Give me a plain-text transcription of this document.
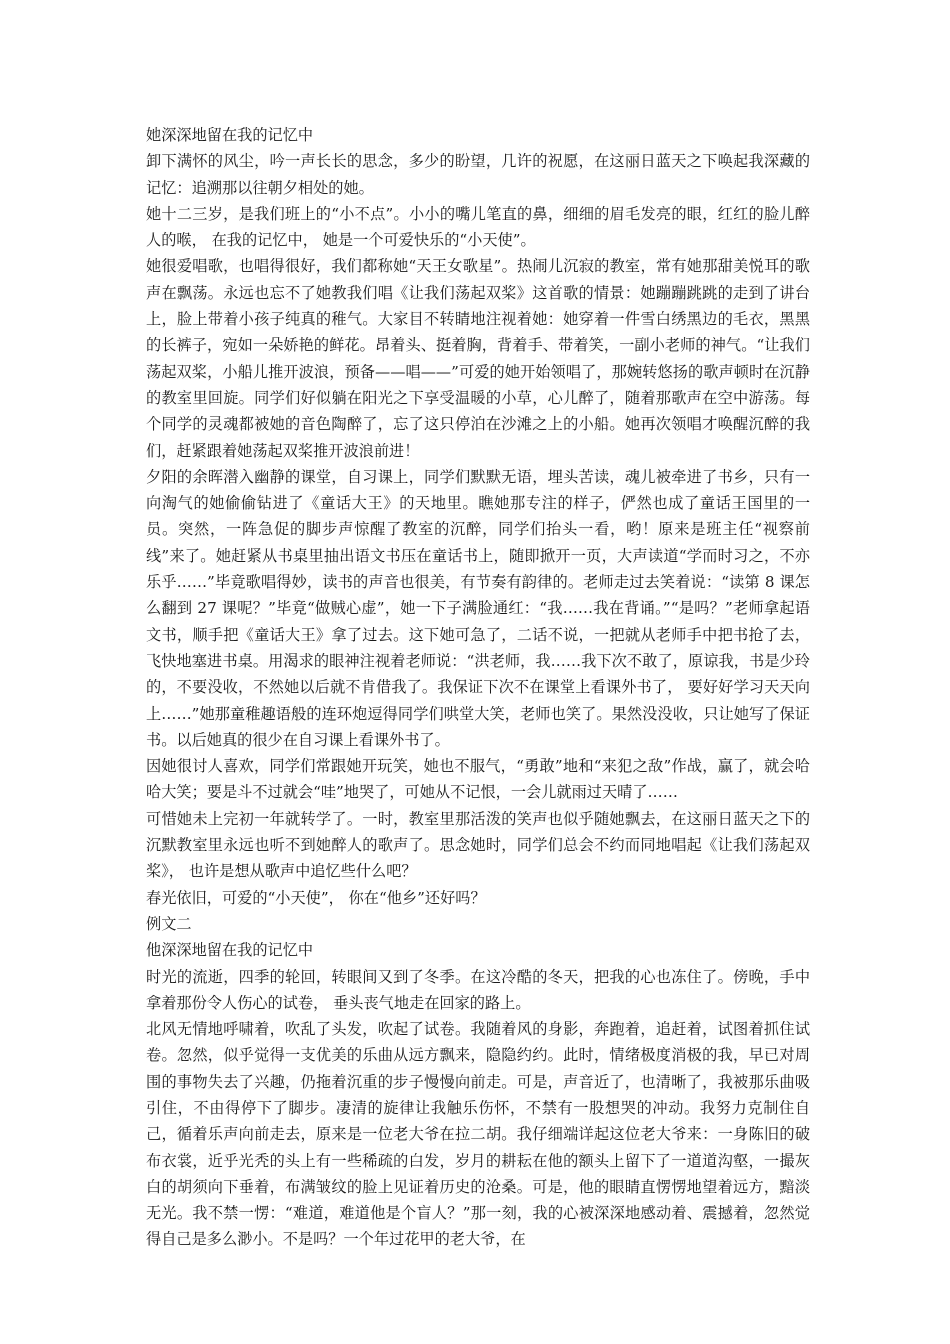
她深深地留在我的记忆中

卸下满怀的风尘，吟一声长长的思念，多少的盼望，几许的祝愿，在这丽日蓝天之下唤起我深藏的记忆：追溯那以往朝夕相处的她。

她十二三岁，是我们班上的“小不点”。小小的嘴儿笔直的鼻，细细的眉毛发亮的眼，红红的脸儿醉人的喉， 在我的记忆中， 她是一个可爱快乐的“小天使”。

她很爱唱歌，也唱得很好，我们都称她“天王女歌星”。热闹儿沉寂的教室，常有她那甜美悦耳的歌声在飘荡。永远也忘不了她教我们唱《让我们荡起双桨》这首歌的情景：她蹦蹦跳跳的走到了讲台上，脸上带着小孩子纯真的稚气。大家目不转睛地注视着她：她穿着一件雪白绣黑边的毛衣，黑黑的长裤子，宛如一朵娇艳的鲜花。昂着头、挺着胸，背着手、带着笑，一副小老师的神气。“让我们荡起双桨，小船儿推开波浪，预备——唱——”可爱的她开始领唱了，那婉转悠扬的歌声顿时在沉静的教室里回旋。同学们好似躺在阳光之下享受温暖的小草，心儿醉了，随着那歌声在空中游荡。每个同学的灵魂都被她的音色陶醉了，忘了这只停泊在沙滩之上的小船。她再次领唱才唤醒沉醉的我们，赶紧跟着她荡起双桨推开波浪前进！

夕阳的余晖潜入幽静的课堂，自习课上，同学们默默无语，埋头苦读，魂儿被牵进了书乡，只有一向淘气的她偷偷钻进了《童话大王》的天地里。瞧她那专注的样子，俨然也成了童话王国里的一员。突然，一阵急促的脚步声惊醒了教室的沉醉，同学们抬头一看，哟！原来是班主任“视察前线”来了。她赶紧从书桌里抽出语文书压在童话书上，随即掀开一页，大声读道“学而时习之，不亦乐乎……”毕竟歌唱得妙，读书的声音也很美，有节奏有韵律的。老师走过去笑着说：“读第 8 课怎么翻到 27 课呢？”毕竟“做贼心虚”，她一下子满脸通红：“我……我在背诵。”“是吗？”老师拿起语文书，顺手把《童话大王》拿了过去。这下她可急了，二话不说，一把就从老师手中把书抢了去，飞快地塞进书桌。用渴求的眼神注视着老师说：“洪老师，我……我下次不敢了，原谅我，书是少玲的，不要没收，不然她以后就不肯借我了。我保证下次不在课堂上看课外书了， 要好好学习天天向上……”她那童稚趣语般的连环炮逗得同学们哄堂大笑，老师也笑了。果然没没收，只让她写了保证书。以后她真的很少在自习课上看课外书了。

因她很讨人喜欢，同学们常跟她开玩笑，她也不服气，“勇敢”地和“来犯之敌”作战，赢了，就会哈哈大笑；要是斗不过就会“哇”地哭了，可她从不记恨，一会儿就雨过天晴了……

可惜她未上完初一年就转学了。一时，教室里那活泼的笑声也似乎随她飘去，在这丽日蓝天之下的沉默教室里永远也听不到她醉人的歌声了。思念她时，同学们总会不约而同地唱起《让我们荡起双桨》， 也许是想从歌声中追忆些什么吧？

春光依旧，可爱的“小天使”， 你在“他乡”还好吗？

例文二

他深深地留在我的记忆中

时光的流逝，四季的轮回，转眼间又到了冬季。在这冷酷的冬天，把我的心也冻住了。傍晚，手中拿着那份令人伤心的试卷， 垂头丧气地走在回家的路上。

北风无情地呼啸着，吹乱了头发，吹起了试卷。我随着风的身影，奔跑着，追赶着，试图着抓住试卷。忽然，似乎觉得一支优美的乐曲从远方飘来，隐隐约约。此时，情绪极度消极的我，早已对周围的事物失去了兴趣，仍拖着沉重的步子慢慢向前走。可是，声音近了，也清晰了，我被那乐曲吸引住，不由得停下了脚步。凄清的旋律让我触乐伤怀，不禁有一股想哭的冲动。我努力克制住自己，循着乐声向前走去，原来是一位老大爷在拉二胡。我仔细端详起这位老大爷来：一身陈旧的破布衣裳，近乎光秃的头上有一些稀疏的白发，岁月的耕耘在他的额头上留下了一道道沟壑，一撮灰白的胡须向下垂着，布满皱纹的脸上见证着历史的沧桑。可是，他的眼睛直愣愣地望着远方，黯淡无光。我不禁一愣：“难道，难道他是个盲人？”那一刻，我的心被深深地感动着、震撼着，忽然觉得自己是多么渺小。不是吗？一个年过花甲的老大爷，在
